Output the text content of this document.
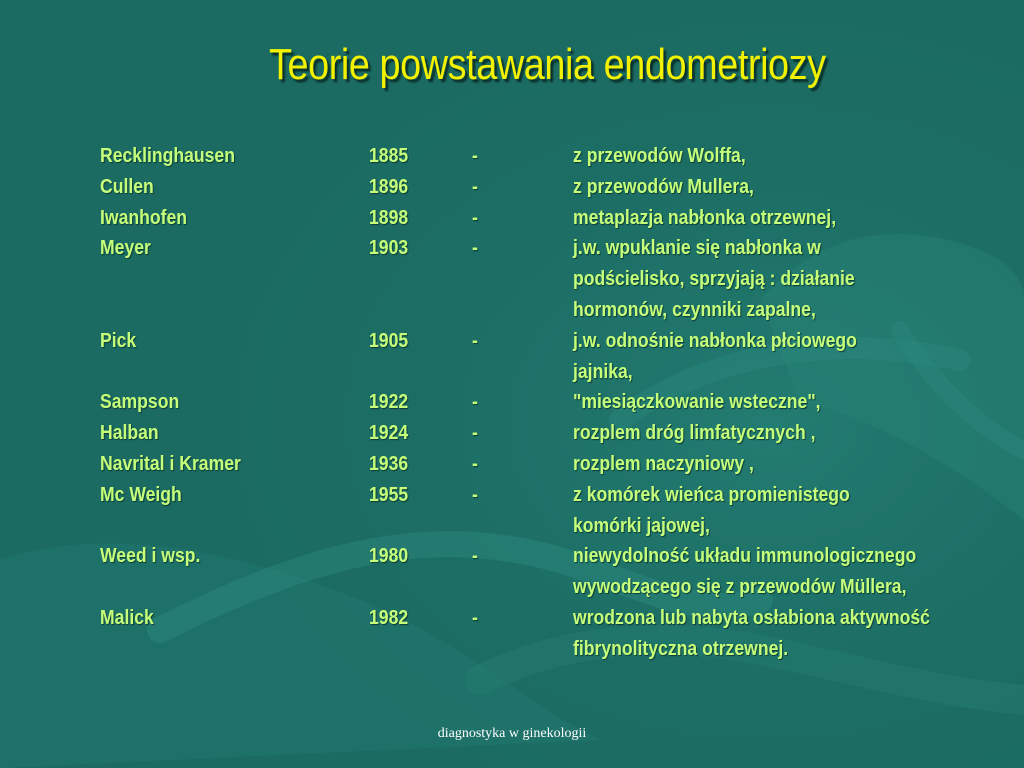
Teorie powstawania endometriozy
Recklinghausen	1885	-	z przewodów Wolffa,
Cullen	1896	-	z przewodów Mullera,
Iwanhofen	1898	-	metaplazja nabłonka otrzewnej,
Meyer	1903	-	j.w. wpuklanie się nabłonka w
podścielisko, sprzyjają : działanie
hormonów, czynniki zapalne,
Pick	1905	-	j.w. odnośnie nabłonka płciowego
jajnika,
Sampson	1922	-	"miesiączkowanie wsteczne",
Halban	1924	-	rozplem dróg limfatycznych ,
Navrital i Kramer	1936	-	rozplem naczyniowy ,
Mc Weigh	1955	-	z komórek wieńca promienistego
komórki jajowej,
Weed i wsp.	1980	-	niewydolność układu immunologicznego
wywodzącego się z przewodów Müllera,
Malick	1982	-	wrodzona lub nabyta osłabiona aktywność
fibrynolityczna otrzewnej.
diagnostyka w ginekologii
